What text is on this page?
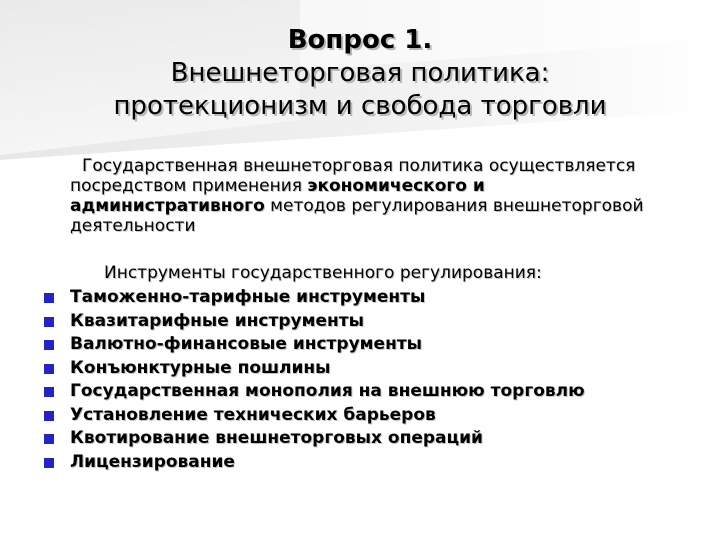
Вопрос 1.
Внешнеторговая политика:
протекционизм и свобода торговли
Государственная внешнеторговая политика осуществляется посредством применения экономического и административного методов регулирования внешнеторговой деятельности
Инструменты государственного регулирования:
Таможенно-тарифные инструменты
Квазитарифные инструменты
Валютно-финансовые инструменты
Конъюнктурные пошлины
Государственная монополия на внешнюю торговлю
Установление технических барьеров
Квотирование внешнеторговых операций
Лицензирование
